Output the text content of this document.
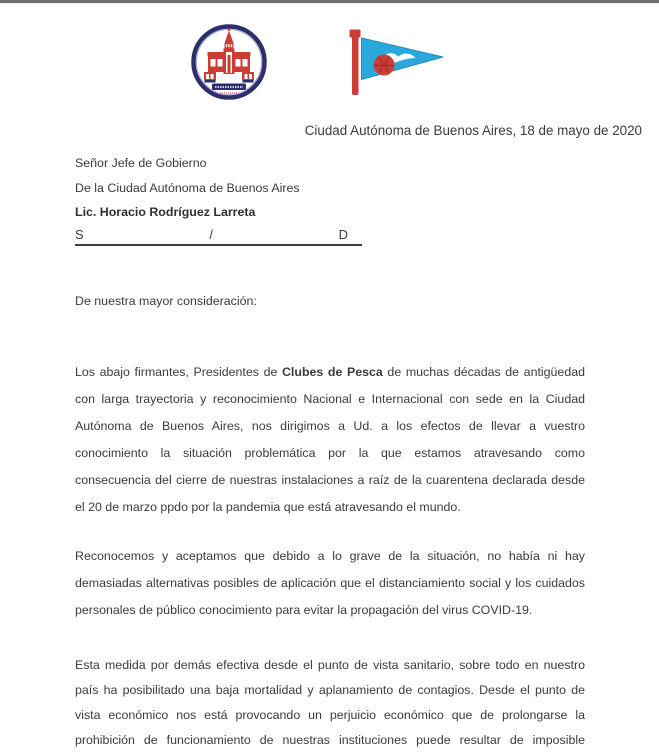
Ciudad Autónoma de Buenos Aires, 18 de mayo de 2020
Señor Jefe de Gobierno
De la Ciudad Autónoma de Buenos Aires
Lic. Horacio Rodríguez Larreta
S	/	D
De nuestra mayor consideración:
Los abajo firmantes, Presidentes de Clubes de Pesca de muchas décadas de antigüedad
con larga trayectoria y reconocimiento Nacional e Internacional con sede en la Ciudad
Autónoma de Buenos Aires, nos dirigimos a Ud. a los efectos de llevar a vuestro
conocimiento la situación problemática por la que estamos atravesando como
consecuencia del cierre de nuestras instalaciones a raíz de la cuarentena declarada desde
el 20 de marzo ppdo por la pandemia que está atravesando el mundo.
Reconocemos y aceptamos que debido a lo grave de la situación, no había ni hay
demasiadas alternativas posibles de aplicación que el distanciamiento social y los cuidados
personales de público conocimiento para evitar la propagación del virus COVID-19.
Esta medida por demás efectiva desde el punto de vista sanitario, sobre todo en nuestro
país ha posibilitado una baja mortalidad y aplanamiento de contagios. Desde el punto de
vista económico nos está provocando un perjuicio económico que de prolongarse la
prohibición de funcionamiento de nuestras instituciones puede resultar de imposible
